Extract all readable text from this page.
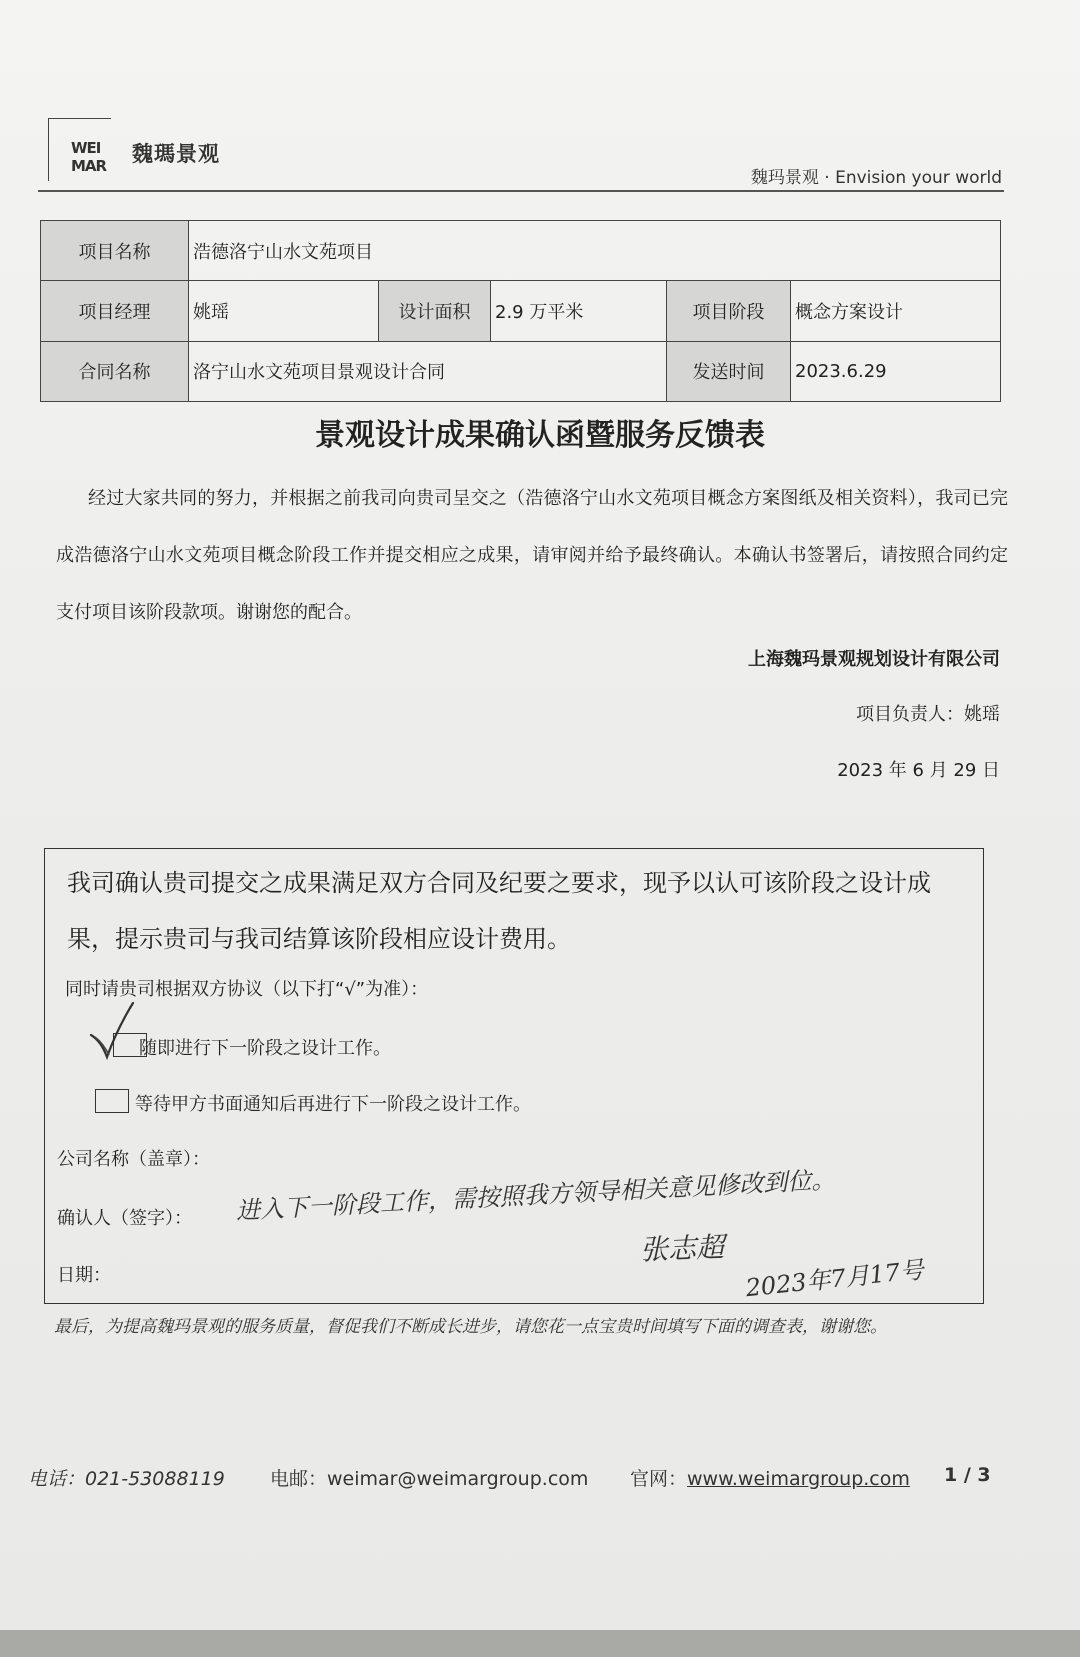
WEI MAR 魏瑪景观
魏玛景观 · Envision your world
项目名称	浩德洛宁山水文苑项目				
项目经理	姚瑶	设计面积	2.9 万平米	项目阶段	概念方案设计
合同名称	洛宁山水文苑项目景观设计合同			发送时间	2023.6.29
景观设计成果确认函暨服务反馈表
经过大家共同的努力，并根据之前我司向贵司呈交之（浩德洛宁山水文苑项目概念方案图纸及相关资料），我司已完成浩德洛宁山水文苑项目概念阶段工作并提交相应之成果，请审阅并给予最终确认。本确认书签署后，请按照合同约定支付项目该阶段款项。谢谢您的配合。
上海魏玛景观规划设计有限公司
项目负责人：姚瑶
2023 年 6 月 29 日
我司确认贵司提交之成果满足双方合同及纪要之要求，现予以认可该阶段之设计成果，提示贵司与我司结算该阶段相应设计费用。
同时请贵司根据双方协议（以下打“√”为准）：
随即进行下一阶段之设计工作。
等待甲方书面通知后再进行下一阶段之设计工作。
公司名称（盖章）：
确认人（签字）：
日期：
进入下一阶段工作，需按照我方领导相关意见修改到位。
张志超
2023年7月17号
最后，为提高魏玛景观的服务质量，督促我们不断成长进步，请您花一点宝贵时间填写下面的调查表，谢谢您。
电话：021-53088119 电邮：weimar@weimargroup.com 官网：www.weimargroup.com 1 / 3
